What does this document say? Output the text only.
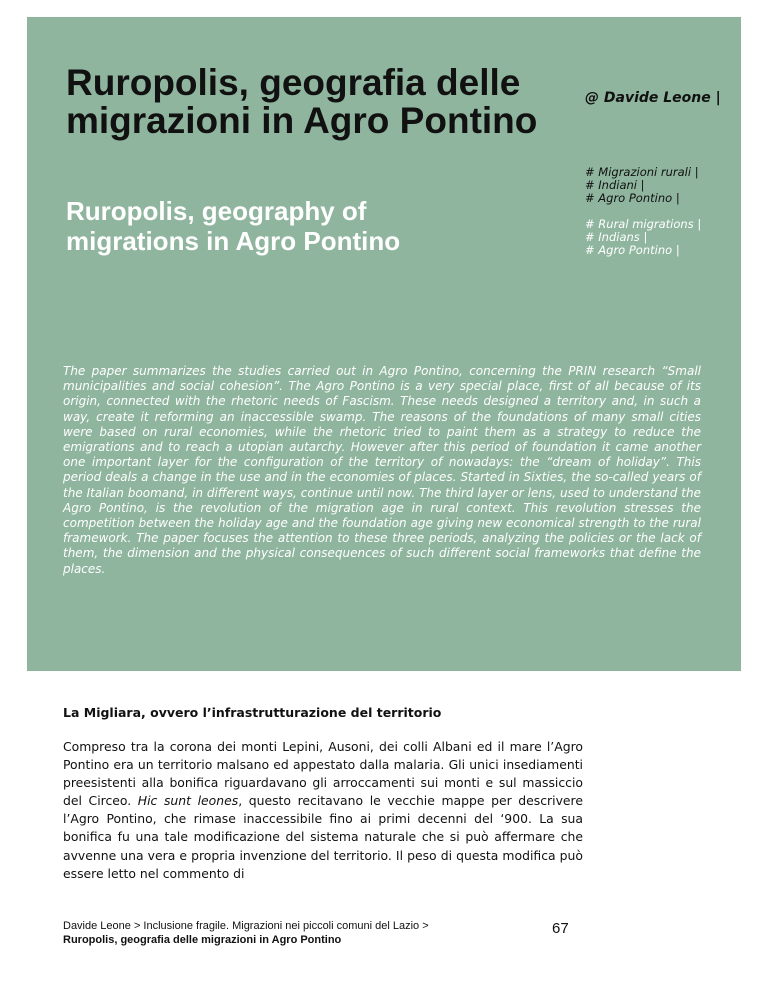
Ruropolis, geografia delle migrazioni in Agro Pontino
Ruropolis, geography of migrations in Agro Pontino
@ Davide Leone |
# Migrazioni rurali |
# Indiani |
# Agro Pontino |
# Rural migrations |
# Indians |
# Agro Pontino |

The paper summarizes the studies carried out in Agro Pontino, concerning the PRIN research “Small municipalities and social cohesion”. The Agro Pontino is a very special place, first of all because of its origin, connected with the rhetoric needs of Fascism. These needs designed a territory and, in such a way, create it reforming an inaccessible swamp. The reasons of the foundations of many small cities were based on rural economies, while the rhetoric tried to paint them as a strategy to reduce the emigrations and to reach a utopian autarchy. However after this period of foundation it came another one important layer for the configuration of the territory of nowadays: the “dream of holiday”. This period deals a change in the use and in the economies of places. Started in Sixties, the so-called years of the Italian boomand, in different ways, continue until now. The third layer or lens, used to understand the Agro Pontino, is the revolution of the migration age in rural context. This revolution stresses the competition between the holiday age and the foundation age giving new economical strength to the rural framework. The paper focuses the attention to these three periods, analyzing the policies or the lack of them, the dimension and the physical consequences of such different social frameworks that define the places.

La Migliara, ovvero l’infrastrutturazione del territorio

Compreso tra la corona dei monti Lepini, Ausoni, dei colli Albani ed il mare l’Agro Pontino era un territorio malsano ed appestato dalla malaria. Gli unici insediamenti preesistenti alla bonifica riguardavano gli arroccamenti sui monti e sul massiccio del Circeo. Hic sunt leones, questo recitavano le vecchie mappe per descrivere l’Agro Pontino, che rimase inaccessibile fino ai primi decenni del ‘900. La sua bonifica fu una tale modificazione del sistema naturale che si può affermare che avvenne una vera e propria invenzione del territorio. Il peso di questa modifica può essere letto nel commento di

Davide Leone > Inclusione fragile. Migrazioni nei piccoli comuni del Lazio >
Ruropolis, geografia delle migrazioni in Agro Pontino
67
